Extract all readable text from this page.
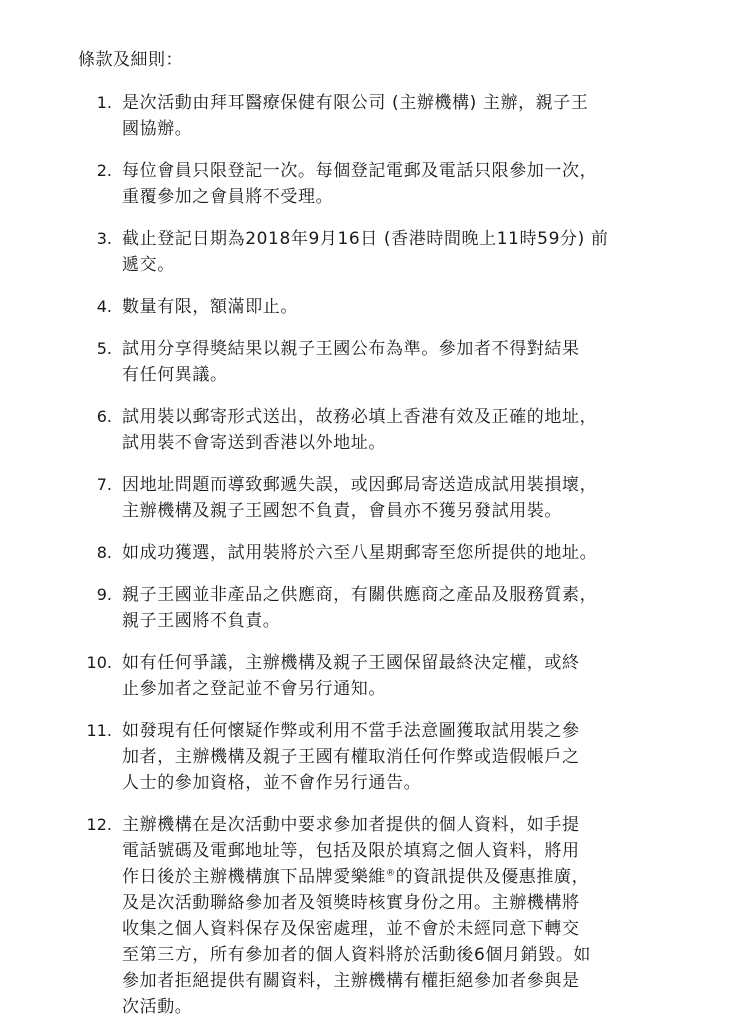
條款及細則：
1. 是次活動由拜耳醫療保健有限公司 (主辦機構) 主辦，親子王
國協辦。
2. 每位會員只限登記一次。每個登記電郵及電話只限參加一次，
重覆參加之會員將不受理。
3. 截止登記日期為2018年9月16日 (香港時間晚上11時59分) 前
遞交。
4. 數量有限，額滿即止。
5. 試用分享得獎結果以親子王國公布為準。參加者不得對結果
有任何異議。
6. 試用裝以郵寄形式送出，故務必填上香港有效及正確的地址，
試用裝不會寄送到香港以外地址。
7. 因地址問題而導致郵遞失誤，或因郵局寄送造成試用裝損壞，
主辦機構及親子王國恕不負責，會員亦不獲另發試用裝。
8. 如成功獲選，試用裝將於六至八星期郵寄至您所提供的地址。
9. 親子王國並非產品之供應商，有關供應商之產品及服務質素，
親子王國將不負責。
10. 如有任何爭議，主辦機構及親子王國保留最終決定權，或終
止參加者之登記並不會另行通知。
11. 如發現有任何懷疑作弊或利用不當手法意圖獲取試用裝之參
加者，主辦機構及親子王國有權取消任何作弊或造假帳戶之
人士的參加資格，並不會作另行通告。
12. 主辦機構在是次活動中要求參加者提供的個人資料，如手提
電話號碼及電郵地址等，包括及限於填寫之個人資料，將用
作日後於主辦機構旗下品牌愛樂維®的資訊提供及優惠推廣，
及是次活動聯絡參加者及領獎時核實身份之用。主辦機構將
收集之個人資料保存及保密處理，並不會於未經同意下轉交
至第三方，所有參加者的個人資料將於活動後6個月銷毀。如
參加者拒絕提供有關資料，主辦機構有權拒絕參加者參與是
次活動。
